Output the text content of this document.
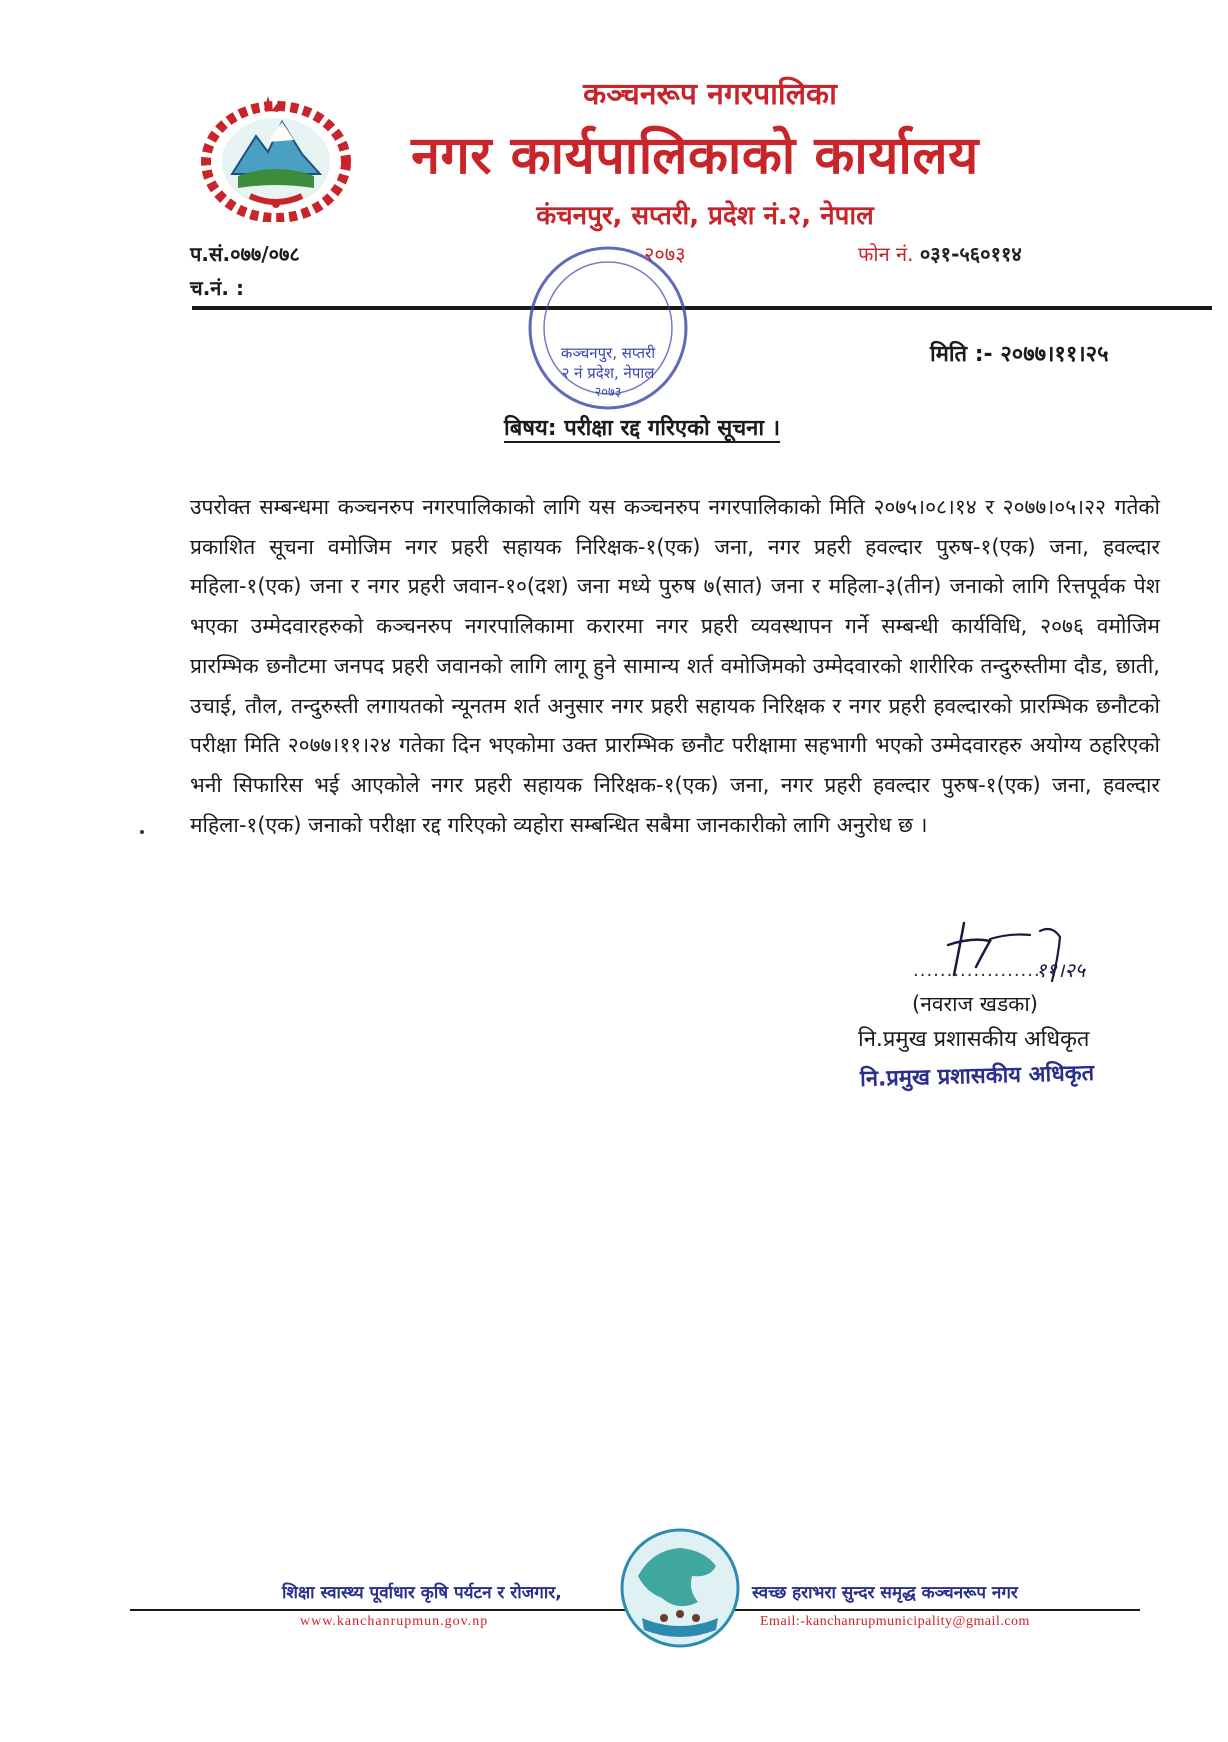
कञ्चनरूप नगरपालिका
नगर कार्यपालिकाको कार्यालय
कंचनपुर, सप्तरी, प्रदेश नं.२, नेपाल
प.सं.०७७/०७८
च.नं. :
२०७३	फोन नं. ०३१-५६०११४
कञ्चनपुर, सप्तरी
२ नं प्रदेश, नेपाल
२०७३
मिति :- २०७७।११।२५
बिषय: परीक्षा रद्द गरिएको सूचना ।
उपरोक्त सम्बन्धमा कञ्चनरुप नगरपालिकाको लागि यस कञ्चनरुप नगरपालिकाको मिति २०७५।०८।१४ र २०७७।०५।२२ गतेको प्रकाशित सूचना वमोजिम नगर प्रहरी सहायक निरिक्षक-१(एक) जना, नगर प्रहरी हवल्दार पुरुष-१(एक) जना, हवल्दार महिला-१(एक) जना र नगर प्रहरी जवान-१०(दश) जना मध्ये पुरुष ७(सात) जना र महिला-३(तीन) जनाको लागि रित्तपूर्वक पेश भएका उम्मेदवारहरुको कञ्चनरुप नगरपालिकामा करारमा नगर प्रहरी व्यवस्थापन गर्ने सम्बन्धी कार्यविधि, २०७६ वमोजिम प्रारम्भिक छनौटमा जनपद प्रहरी जवानको लागि लागू हुने सामान्य शर्त वमोजिमको उम्मेदवारको शारीरिक तन्दुरुस्तीमा दौड, छाती, उचाई, तौल, तन्दुरुस्ती लगायतको न्यूनतम शर्त अनुसार नगर प्रहरी सहायक निरिक्षक र नगर प्रहरी हवल्दारको प्रारम्भिक छनौटको परीक्षा मिति २०७७।११।२४ गतेका दिन भएकोमा उक्त प्रारम्भिक छनौट परीक्षामा सहभागी भएको उम्मेदवारहरु अयोग्य ठहरिएको भनी सिफारिस भई आएकोले नगर प्रहरी सहायक निरिक्षक-१(एक) जना, नगर प्रहरी हवल्दार पुरुष-१(एक) जना, हवल्दार महिला-१(एक) जनाको परीक्षा रद्द गरिएको व्यहोरा सम्बन्धित सबैमा जानकारीको लागि अनुरोध छ ।
११।२५
...................
(नवराज खडका)
नि.प्रमुख प्रशासकीय अधिकृत
नि.प्रमुख प्रशासकीय अधिकृत
शिक्षा स्वास्थ्य पूर्वाधार कृषि पर्यटन र रोजगार,	स्वच्छ हराभरा सुन्दर समृद्ध कञ्चनरूप नगर
www.kanchanrupmun.gov.np	Email:-kanchanrupmunicipality@gmail.com
